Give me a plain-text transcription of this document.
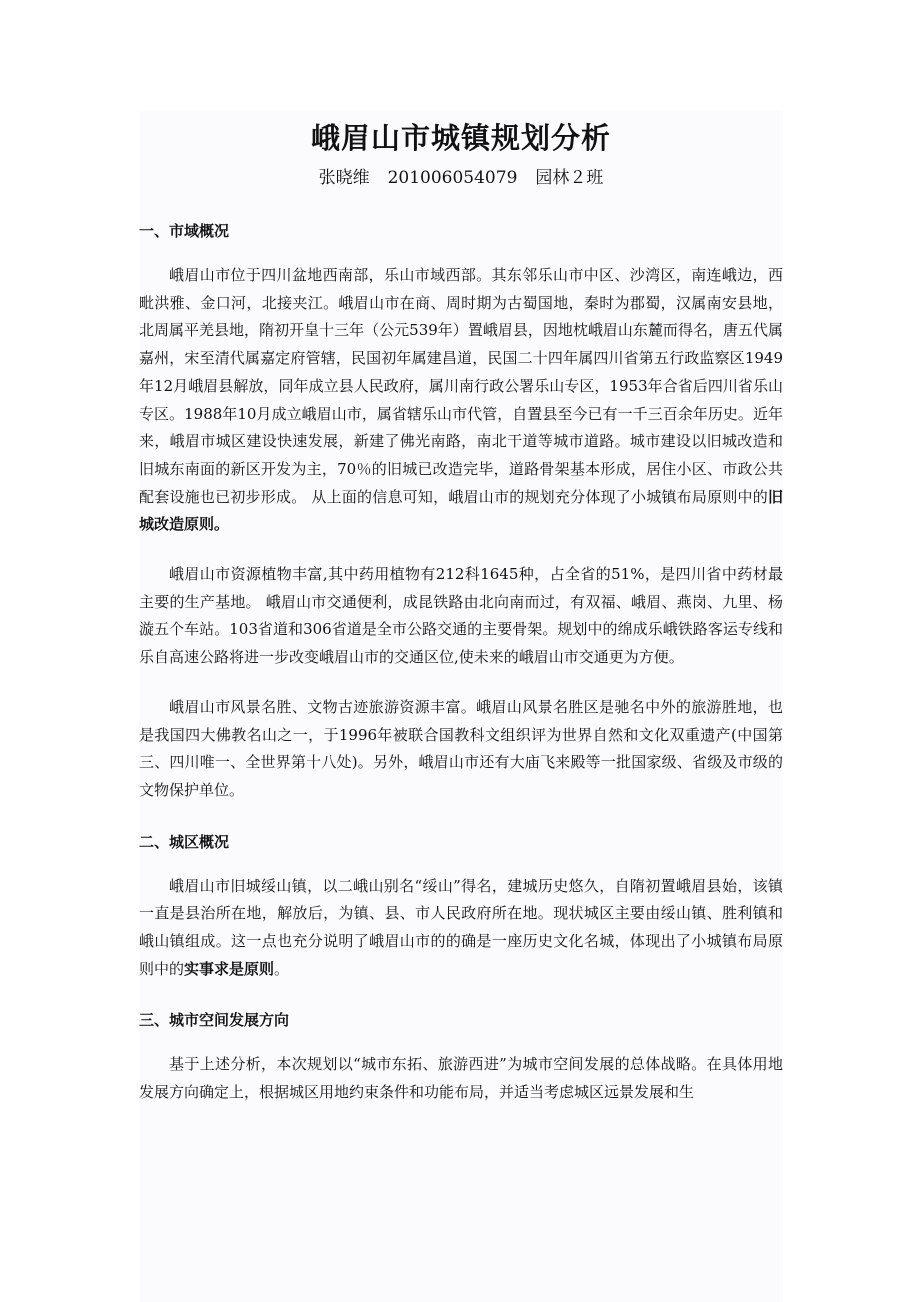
峨眉山市城镇规划分析
张晓维 201006054079 园林２班
一、市域概况

峨眉山市位于四川盆地西南部，乐山市域西部。其东邻乐山市中区、沙湾区，南连峨边，西毗洪雅、金口河，北接夹江。峨眉山市在商、周时期为古蜀国地，秦时为郡蜀，汉属南安县地，北周属平羌县地，隋初开皇十三年（公元539年）置峨眉县，因地枕峨眉山东麓而得名，唐五代属嘉州，宋至清代属嘉定府管辖，民国初年属建昌道，民国二十四年属四川省第五行政监察区1949年12月峨眉县解放，同年成立县人民政府，属川南行政公署乐山专区，1953年合省后四川省乐山专区。1988年10月成立峨眉山市，属省辖乐山市代管，自置县至今已有一千三百余年历史。近年来，峨眉市城区建设快速发展，新建了佛光南路，南北干道等城市道路。城市建设以旧城改造和旧城东南面的新区开发为主，70％的旧城已改造完毕，道路骨架基本形成，居住小区、市政公共配套设施也已初步形成。 从上面的信息可知，峨眉山市的规划充分体现了小城镇布局原则中的旧城改造原则。

峨眉山市资源植物丰富,其中药用植物有212科1645种，占全省的51%，是四川省中药材最主要的生产基地。 峨眉山市交通便利，成昆铁路由北向南而过，有双福、峨眉、燕岗、九里、杨漩五个车站。103省道和306省道是全市公路交通的主要骨架。规划中的绵成乐峨铁路客运专线和乐自高速公路将进一步改变峨眉山市的交通区位,使未来的峨眉山市交通更为方便。

峨眉山市风景名胜、文物古迹旅游资源丰富。峨眉山风景名胜区是驰名中外的旅游胜地，也是我国四大佛教名山之一，于1996年被联合国教科文组织评为世界自然和文化双重遗产(中国第三、四川唯一、全世界第十八处)。另外，峨眉山市还有大庙飞来殿等一批国家级、省级及市级的文物保护单位。

二、城区概况

峨眉山市旧城绥山镇，以二峨山别名“绥山”得名，建城历史悠久，自隋初置峨眉县始，该镇一直是县治所在地，解放后，为镇、县、市人民政府所在地。现状城区主要由绥山镇、胜利镇和峨山镇组成。这一点也充分说明了峨眉山市的的确是一座历史文化名城，体现出了小城镇布局原则中的实事求是原则。

三、城市空间发展方向

基于上述分析，本次规划以“城市东拓、旅游西进”为城市空间发展的总体战略。在具体用地发展方向确定上，根据城区用地约束条件和功能布局，并适当考虑城区远景发展和生
